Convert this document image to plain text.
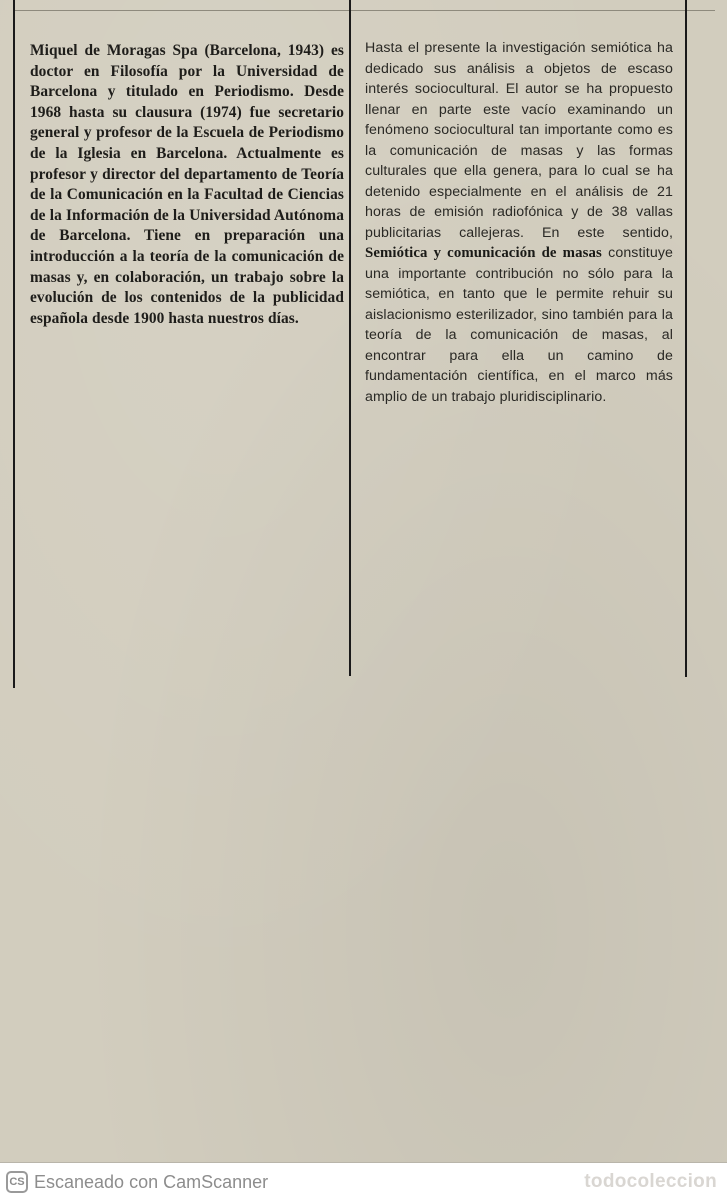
Miquel de Moragas Spa (Barcelona, 1943) es doctor en Filosofía por la Universidad de Barcelona y titulado en Periodismo. Desde 1968 hasta su clausura (1974) fue secretario general y profesor de la Escuela de Periodismo de la Iglesia en Barcelona. Actualmente es profesor y director del departamento de Teoría de la Comunicación en la Facultad de Ciencias de la Información de la Universidad Autónoma de Barcelona. Tiene en preparación una introducción a la teoría de la comunicación de masas y, en colaboración, un trabajo sobre la evolución de los contenidos de la publicidad española desde 1900 hasta nuestros días.
Hasta el presente la investigación semiótica ha dedicado sus análisis a objetos de escaso interés sociocultural. El autor se ha propuesto llenar en parte este vacío examinando un fenómeno sociocultural tan importante como es la comunicación de masas y las formas culturales que ella genera, para lo cual se ha detenido especialmente en el análisis de 21 horas de emisión radiofónica y de 38 vallas publicitarias callejeras. En este sentido, Semiótica y comunicación de masas constituye una importante contribución no sólo para la semiótica, en tanto que le permite rehuir su aislacionismo esterilizador, sino también para la teoría de la comunicación de masas, al encontrar para ella un camino de fundamentación científica, en el marco más amplio de un trabajo pluridisciplinario.
CS Escaneado con CamScanner	todocoleccion
